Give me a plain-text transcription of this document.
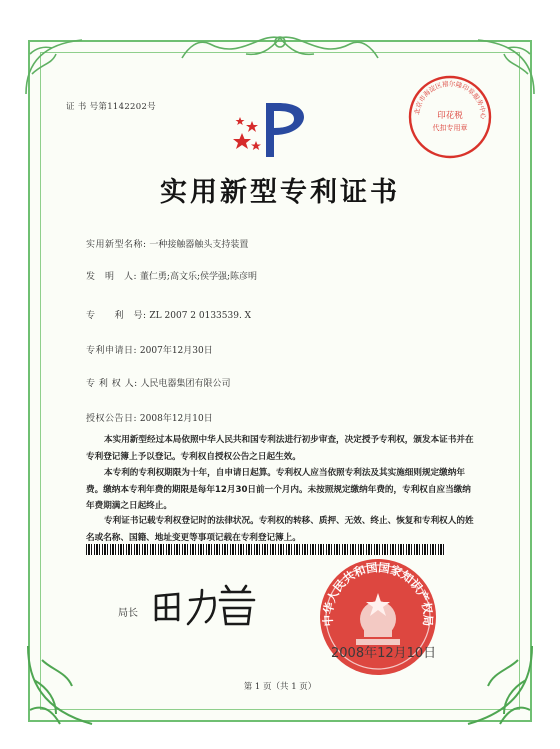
证 书 号第1142202号
实用新型专利证书
实用新型名称: 一种接触器触头支持装置
发　明　人: 董仁勇;高文乐;侯学强;陈彦明
专　　利　号: ZL 2007 2 0133539. X
专利申请日: 2007年12月30日
专 利 权 人: 人民电器集团有限公司
授权公告日: 2008年12月10日

本实用新型经过本局依照中华人民共和国专利法进行初步审查，决定授予专利权，颁发本证书并在专利登记簿上予以登记。专利权自授权公告之日起生效。

本专利的专利权期限为十年，自申请日起算。专利权人应当依照专利法及其实施细则规定缴纳年费。缴纳本专利年费的期限是每年12月30日前一个月内。未按照规定缴纳年费的，专利权自应当缴纳年费期满之日起终止。

专利证书记载专利权登记时的法律状况。专利权的转移、质押、无效、终止、恢复和专利权人的姓名或名称、国籍、地址变更等事项记载在专利登记簿上。

局长
北京市海淀区禧尔隆印章服务中心
印花税
代扣专用章
中华人民共和国国家知识产权局
2008年12月10日
第 1 页（共 1 页）
